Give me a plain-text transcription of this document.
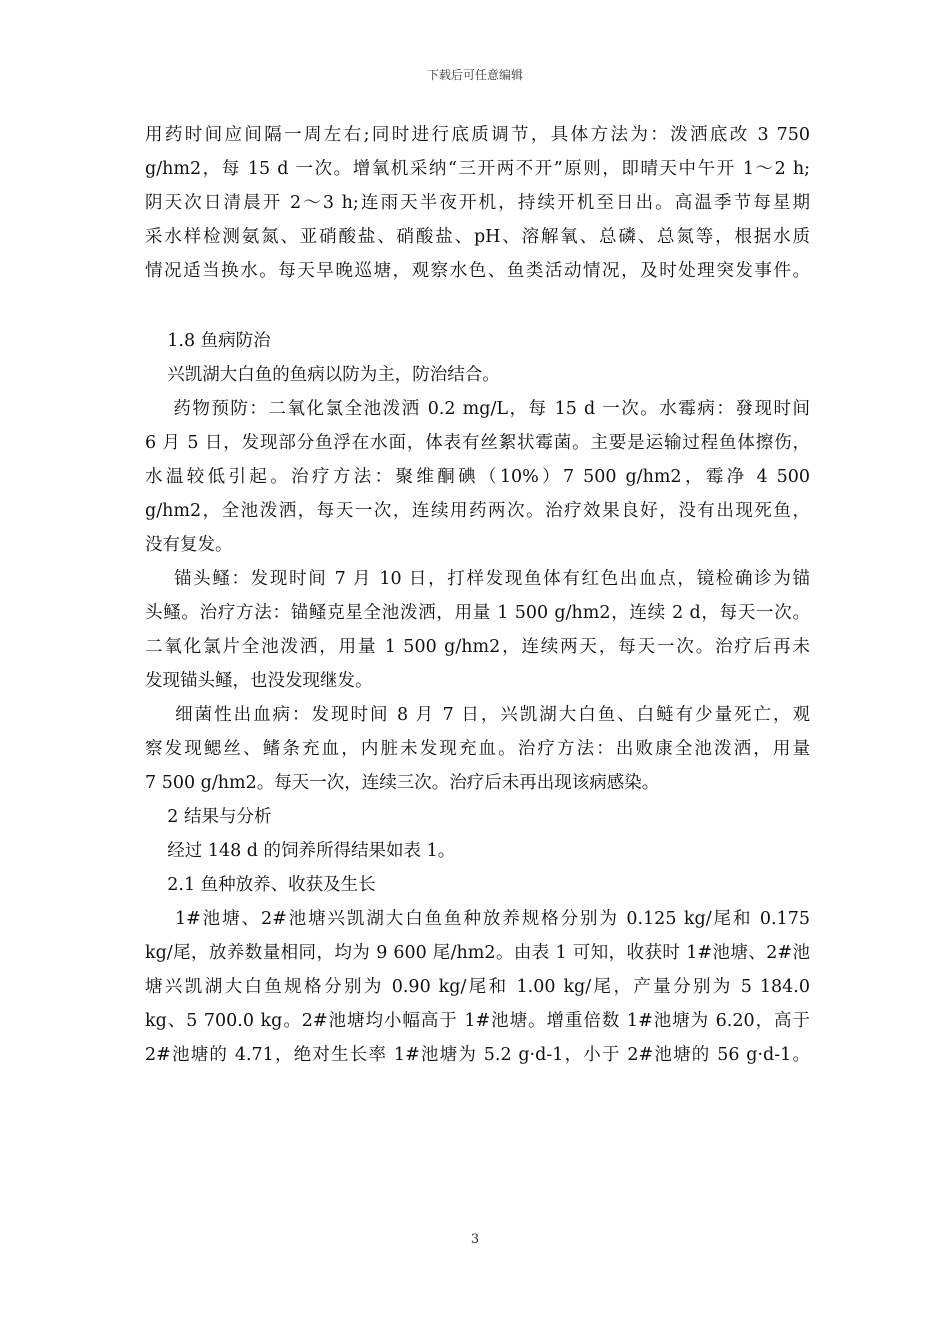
下载后可任意编辑
用药时间应间隔一周左右;同时进行底质调节，具体方法为：泼洒底改 3 750
g/hm2，每 15 d 一次。增氧机采纳“三开两不开”原则，即晴天中午开 1～2 h;
阴天次日清晨开 2～3 h;连雨天半夜开机，持续开机至日出。高温季节每星期
采水样检测氨氮、亚硝酸盐、硝酸盐、pH、溶解氧、总磷、总氮等，根据水质
情况适当换水。每天早晚巡塘，观察水色、鱼类活动情况，及时处理突发事件。
1.8 鱼病防治
兴凯湖大白鱼的鱼病以防为主，防治结合。
药物预防：二氧化氯全池泼洒 0.2 mg/L，每 15 d 一次。水霉病：發现时间
6 月 5 日，发现部分鱼浮在水面，体表有丝絮状霉菌。主要是运输过程鱼体擦伤，
水温较低引起。治疗方法：聚维酮碘（10%）7 500 g/hm2，霉净 4 500
g/hm2，全池泼洒，每天一次，连续用药两次。治疗效果良好，没有出现死鱼，
没有复发。
锚头鳋：发现时间 7 月 10 日，打样发现鱼体有红色出血点，镜检确诊为锚
头鳋。治疗方法：锚鳋克星全池泼洒，用量 1 500 g/hm2，连续 2 d，每天一次。
二氧化氯片全池泼洒，用量 1 500 g/hm2，连续两天，每天一次。治疗后再未
发现锚头鳋，也没发现继发。
细菌性出血病：发现时间 8 月 7 日，兴凯湖大白鱼、白鲢有少量死亡，观
察发现鳃丝、鳍条充血，内脏未发现充血。治疗方法：出败康全池泼洒，用量
7 500 g/hm2。每天一次，连续三次。治疗后未再出现该病感染。
2 结果与分析
经过 148 d 的饲养所得结果如表 1。
2.1 鱼种放养、收获及生长
1#池塘、2#池塘兴凯湖大白鱼鱼种放养规格分别为 0.125 kg/尾和 0.175
kg/尾，放养数量相同，均为 9 600 尾/hm2。由表 1 可知，收获时 1#池塘、2#池
塘兴凯湖大白鱼规格分别为 0.90 kg/尾和 1.00 kg/尾，产量分别为 5 184.0
kg、5 700.0 kg。2#池塘均小幅高于 1#池塘。增重倍数 1#池塘为 6.20，高于
2#池塘的 4.71，绝对生长率 1#池塘为 5.2 g·d-1，小于 2#池塘的 56 g·d-1。
3
